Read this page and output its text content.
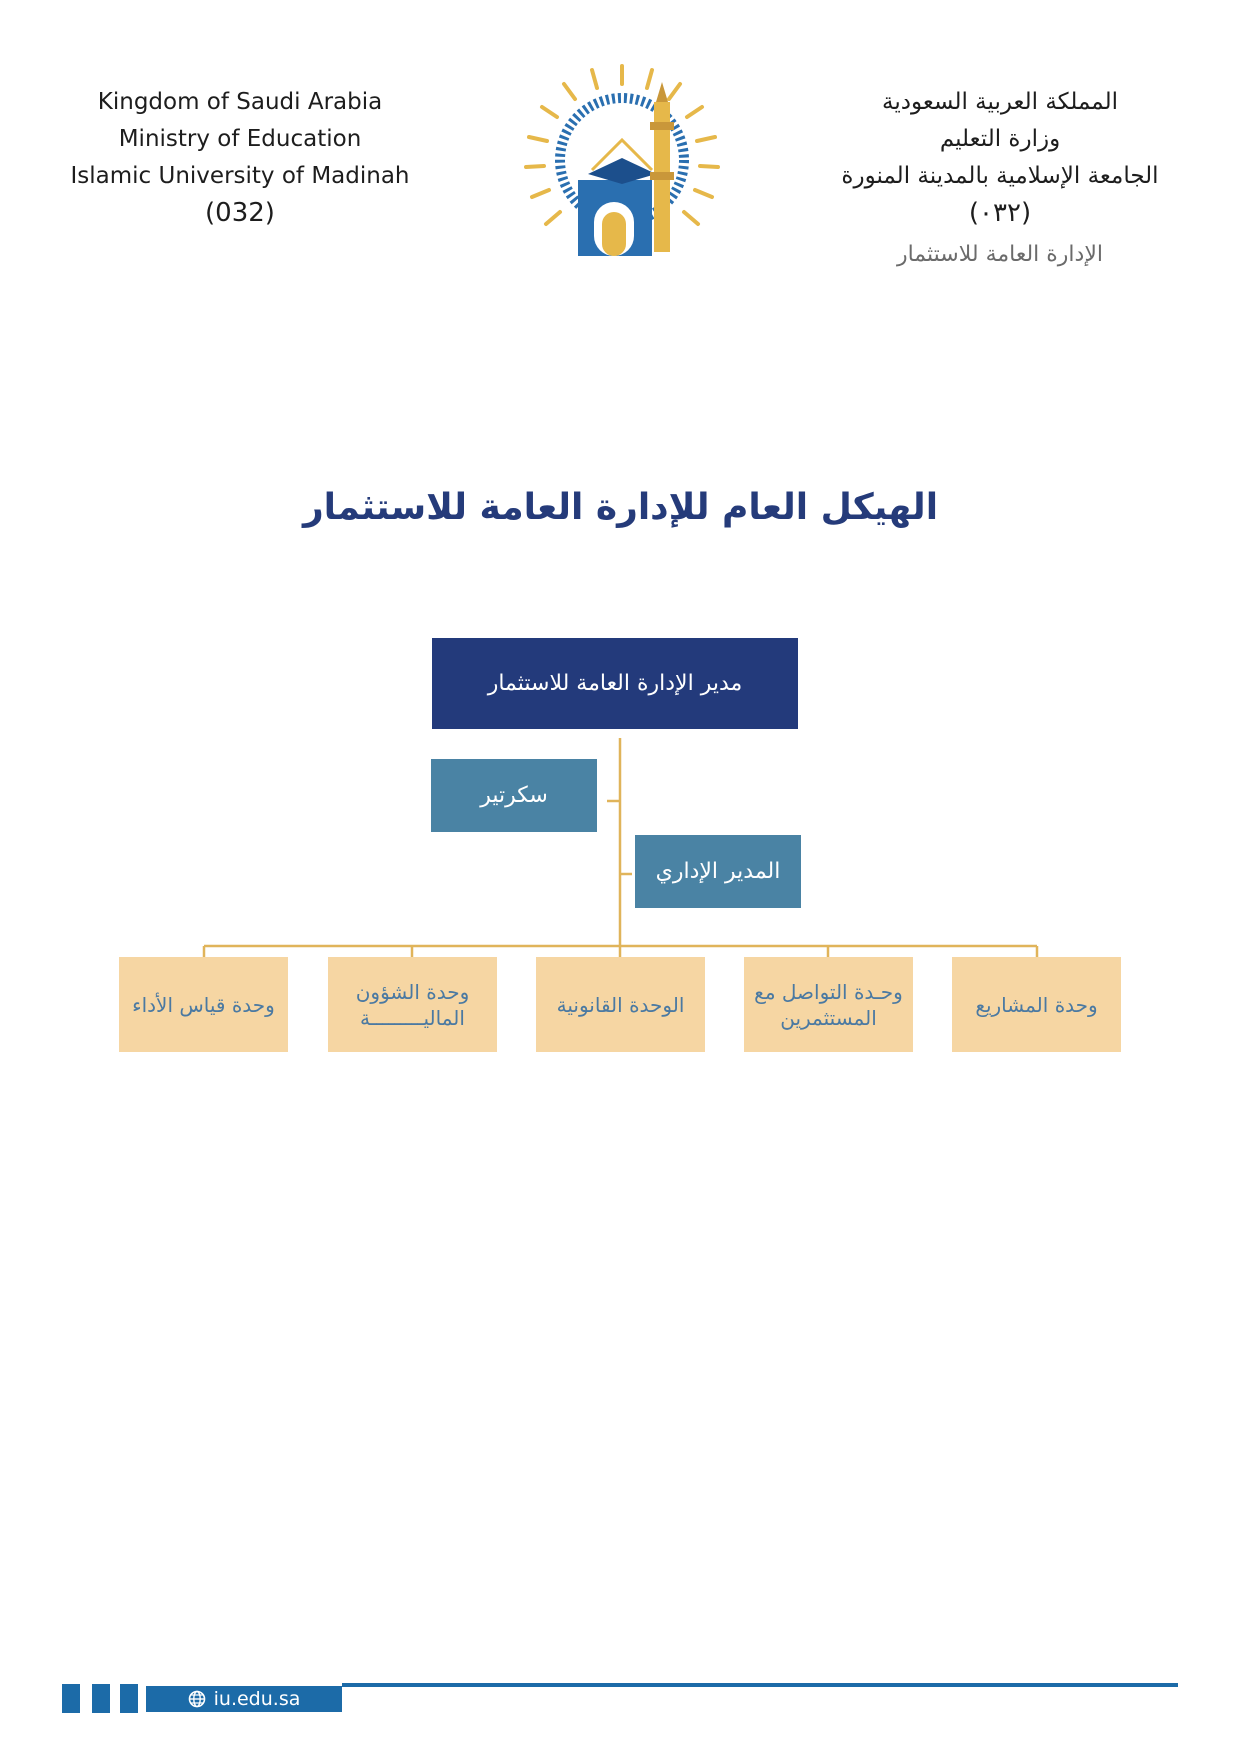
Kingdom of Saudi Arabia
Ministry of Education
Islamic University of Madinah
(032)
المملكة العربية السعودية
وزارة التعليم
الجامعة الإسلامية بالمدينة المنورة
(٠٣٢)
الإدارة العامة للاستثمار
الهيكل العام للإدارة العامة للاستثمار
مدير الإدارة العامة للاستثمار
سكرتير
المدير الإداري
وحدة المشاريع
وحـدة التواصل مع المستثمرين
الوحدة القانونية
وحدة الشؤون الماليـــــــــة
وحدة قياس الأداء
iu.edu.sa
